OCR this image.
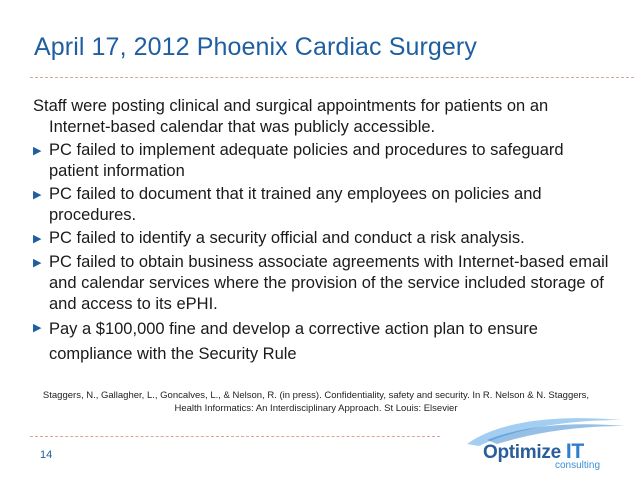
April 17, 2012 Phoenix Cardiac Surgery

Staff were posting clinical and surgical appointments for patients on an Internet-based calendar that was publicly accessible.

▶ PC failed to implement adequate policies and procedures to safeguard patient information
▶ PC failed to document that it trained any employees on policies and procedures.
▶ PC failed to identify a security official and conduct a risk analysis.
▶ PC failed to obtain business associate agreements with Internet-based email and calendar services where the provision of the service included storage of and access to its ePHI.
▶ Pay a $100,000 fine and develop a corrective action plan to ensure compliance with the Security Rule
Staggers, N., Gallagher, L., Goncalves, L., & Nelson, R. (in press). Confidentiality, safety and security. In R. Nelson & N. Staggers, Health Informatics: An Interdisciplinary Approach. St Louis: Elsevier
14	Optimize IT
consulting
